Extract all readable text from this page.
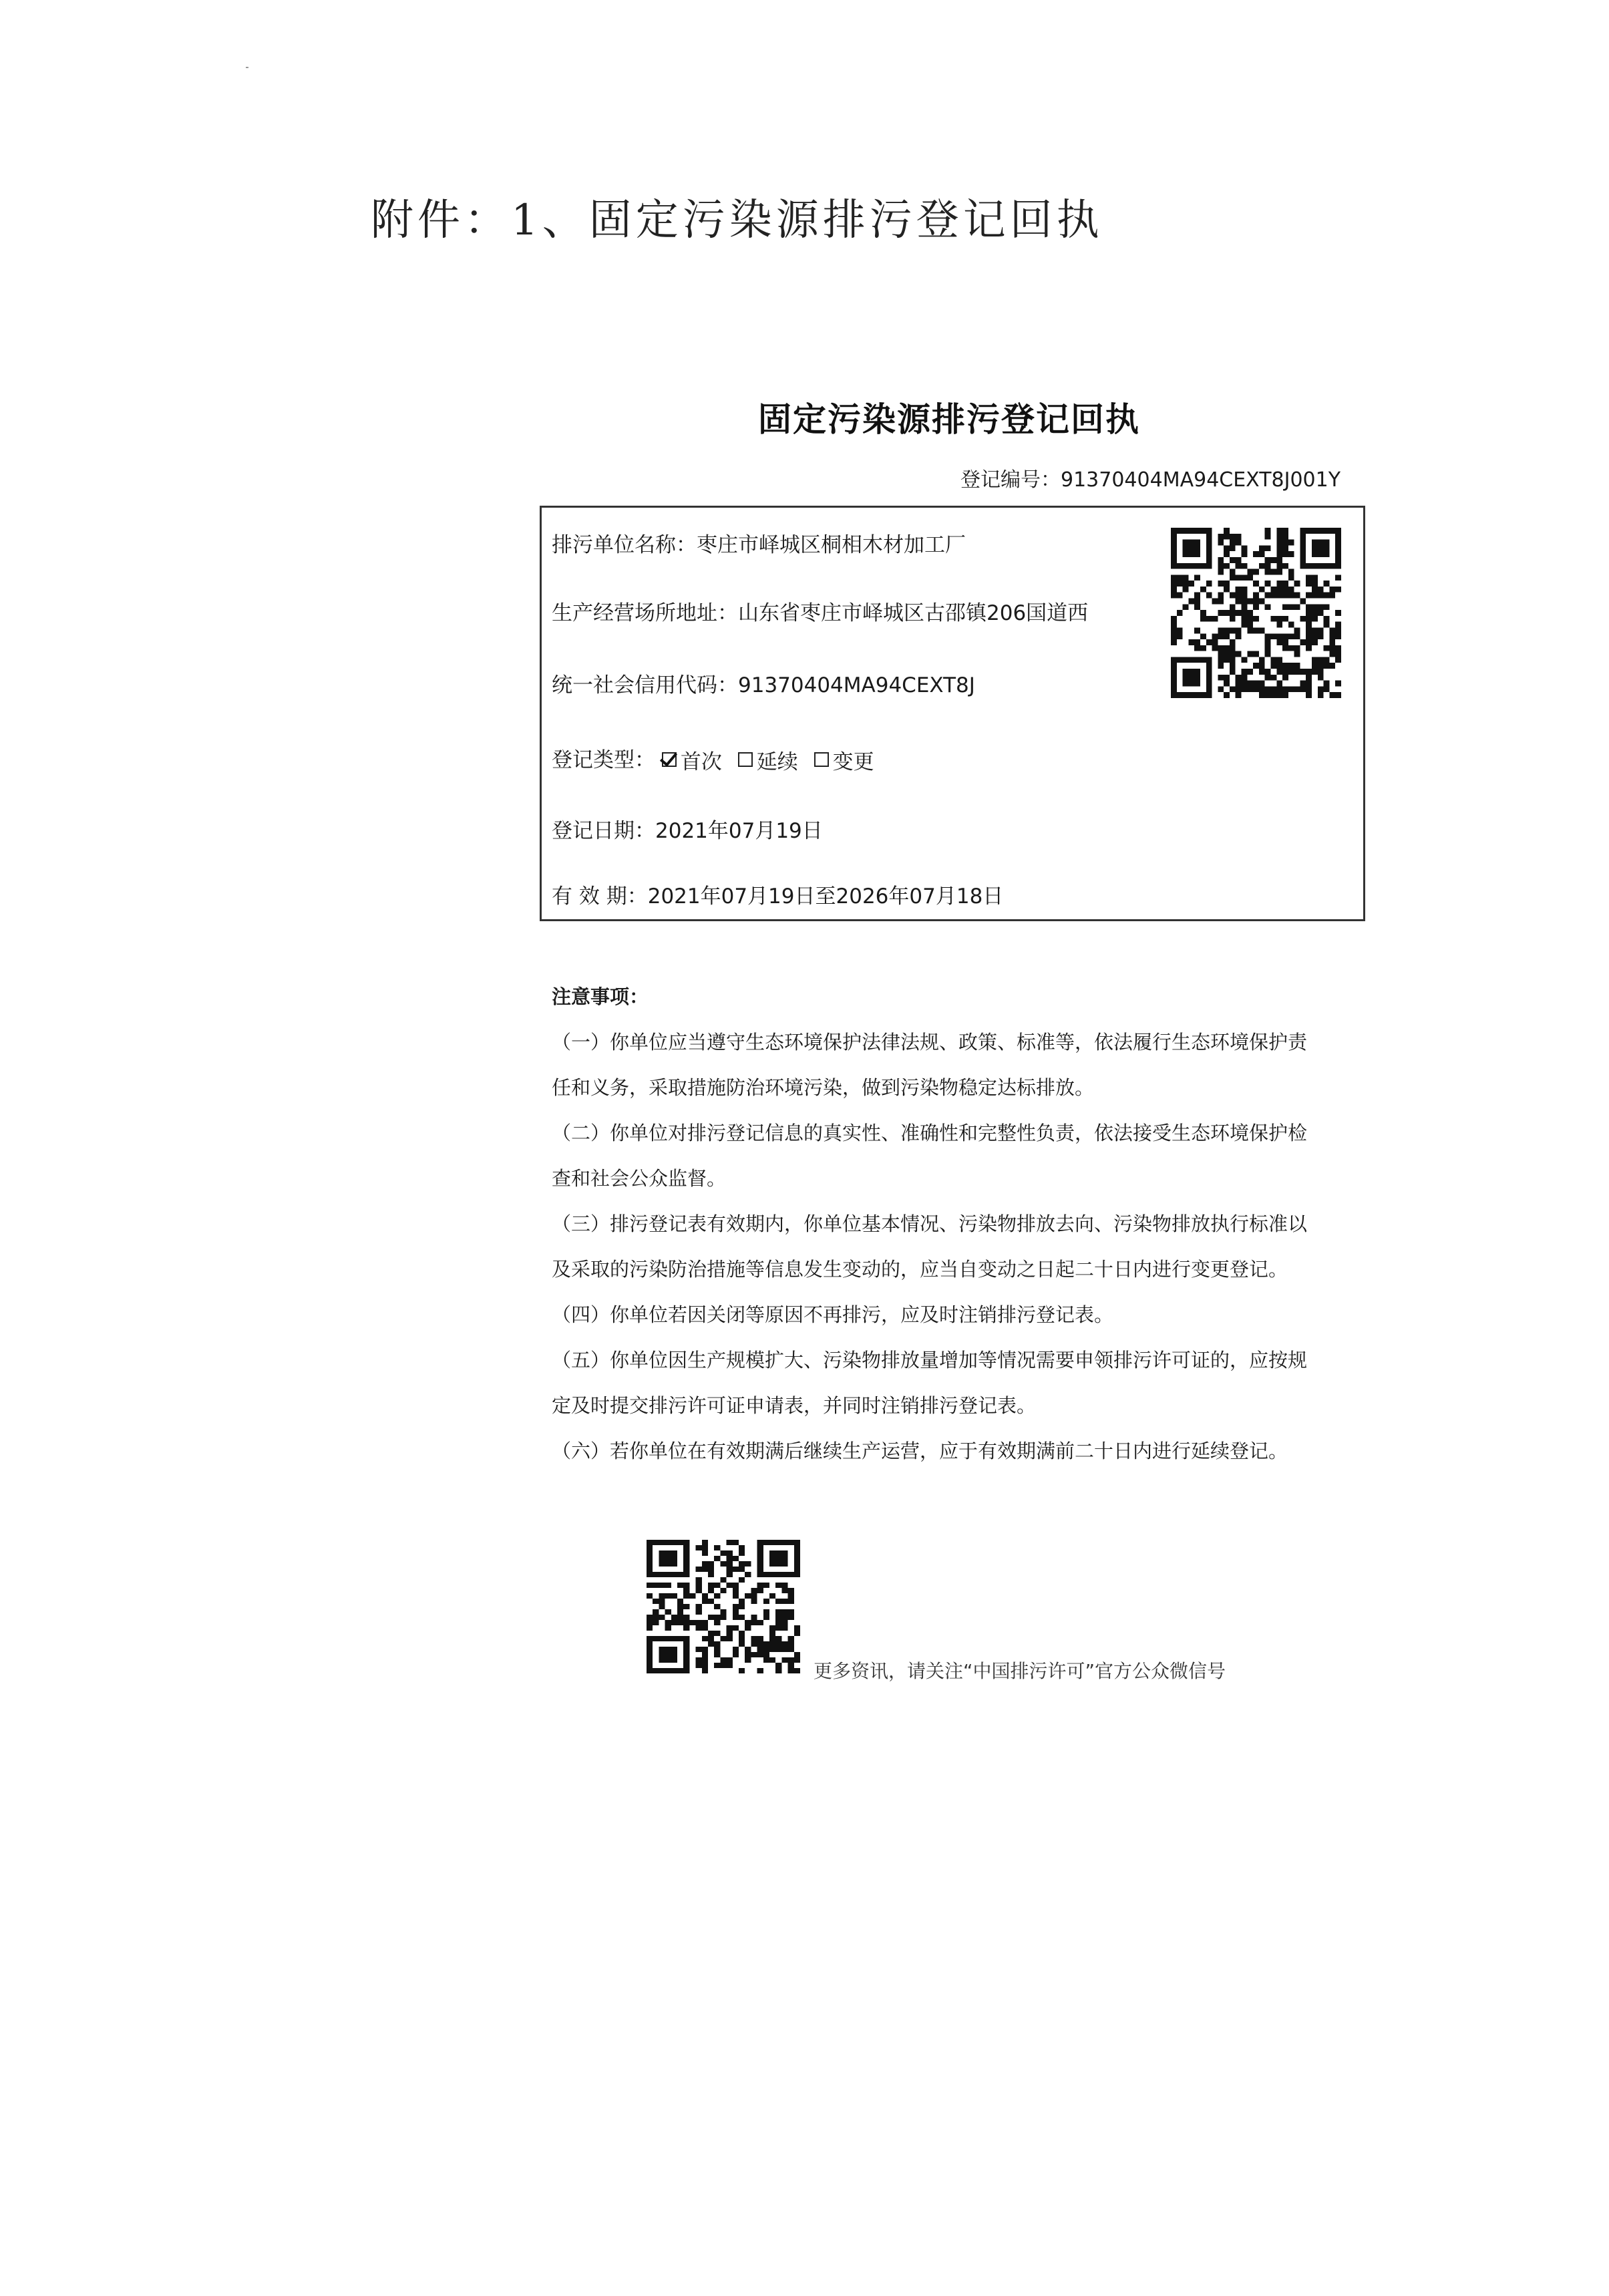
附件：1、固定污染源排污登记回执
固定污染源排污登记回执
登记编号：91370404MA94CEXT8J001Y
排污单位名称：枣庄市峄城区桐相木材加工厂
生产经营场所地址：山东省枣庄市峄城区古邵镇206国道西
统一社会信用代码：91370404MA94CEXT8J
登记类型： 首次
延续
变更
登记日期：2021年07月19日
有 效 期：2021年07月19日至2026年07月18日
注意事项：
（一）你单位应当遵守生态环境保护法律法规、政策、标准等，依法履行生态环境保护责
任和义务，采取措施防治环境污染，做到污染物稳定达标排放。
（二）你单位对排污登记信息的真实性、准确性和完整性负责，依法接受生态环境保护检
查和社会公众监督。
（三）排污登记表有效期内，你单位基本情况、污染物排放去向、污染物排放执行标准以
及采取的污染防治措施等信息发生变动的，应当自变动之日起二十日内进行变更登记。
（四）你单位若因关闭等原因不再排污，应及时注销排污登记表。
（五）你单位因生产规模扩大、污染物排放量增加等情况需要申领排污许可证的，应按规
定及时提交排污许可证申请表，并同时注销排污登记表。
（六）若你单位在有效期满后继续生产运营，应于有效期满前二十日内进行延续登记。
更多资讯，请关注“中国排污许可”官方公众微信号
